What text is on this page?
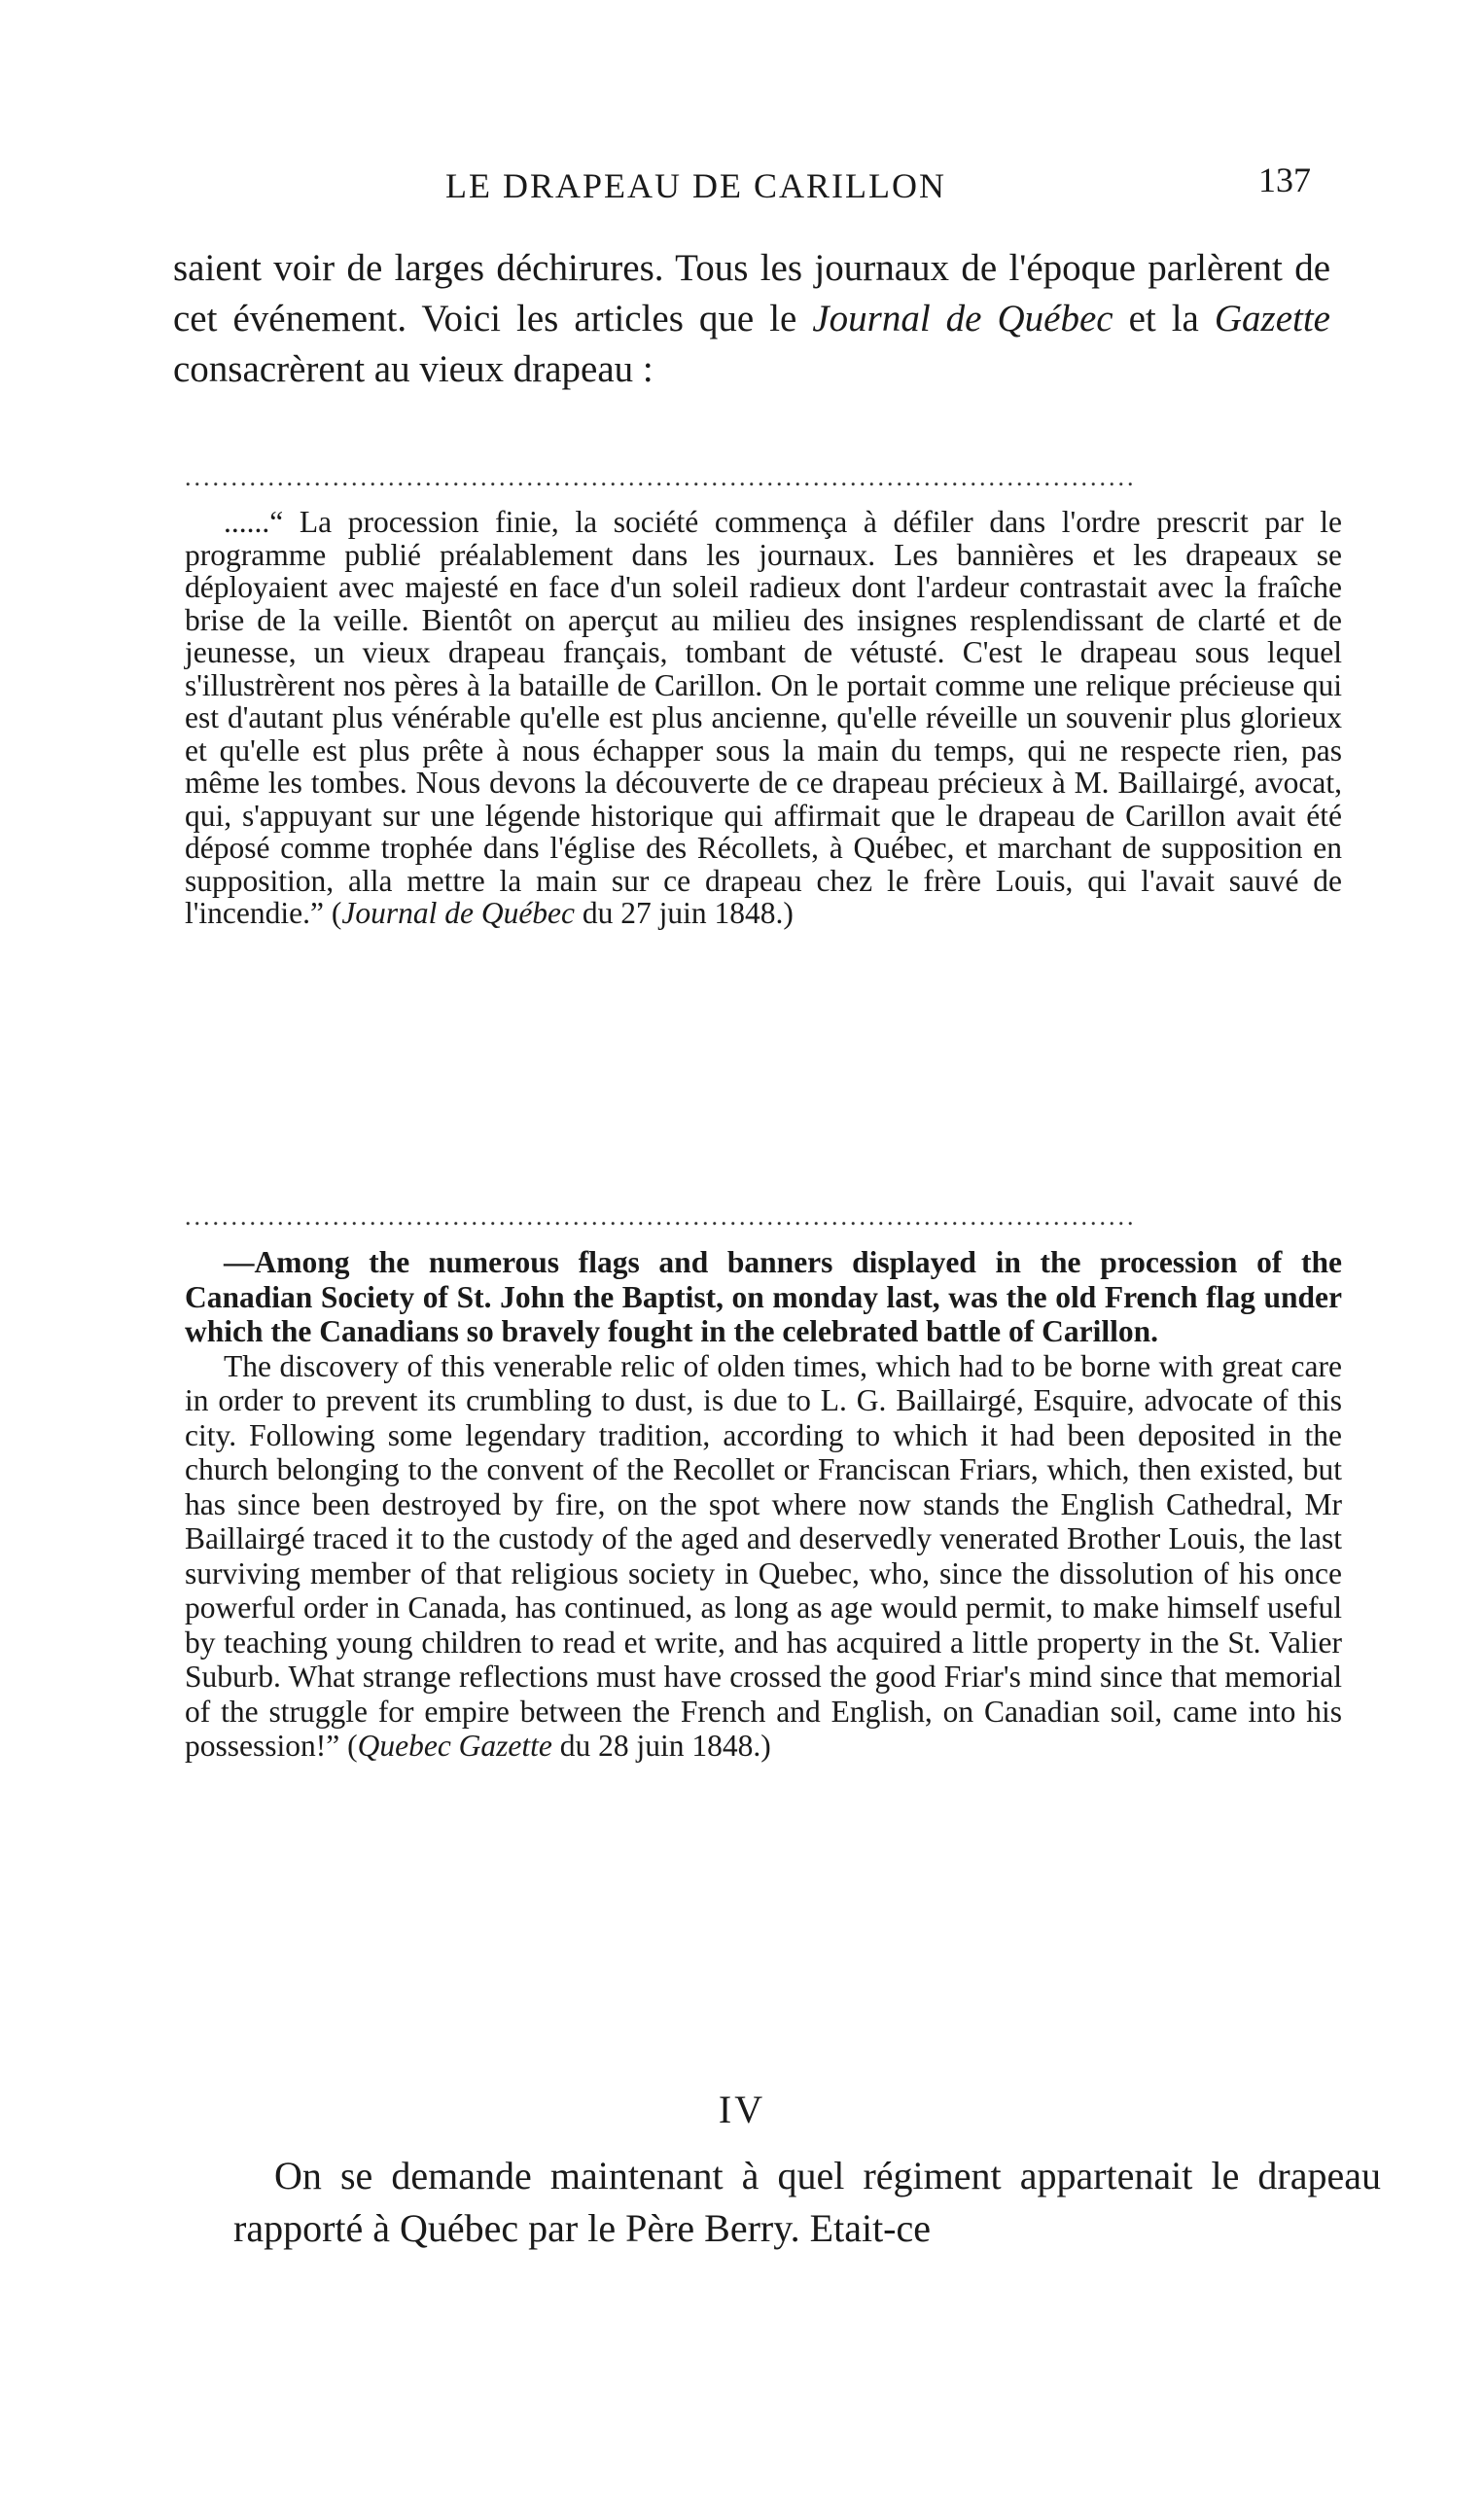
LE DRAPEAU DE CARILLON	137

saient voir de larges déchirures. Tous les journaux de l'époque parlèrent de cet événement. Voici les articles que le Journal de Québec et la Gazette consacrèrent au vieux drapeau :

.......................................................................................................

......“ La procession finie, la société commença à défiler dans l'ordre prescrit par le programme publié préalablement dans les journaux. Les bannières et les drapeaux se déployaient avec majesté en face d'un soleil radieux dont l'ardeur contrastait avec la fraîche brise de la veille. Bientôt on aperçut au milieu des insignes resplendissant de clarté et de jeunesse, un vieux drapeau français, tombant de vétusté. C'est le drapeau sous lequel s'illustrèrent nos pères à la bataille de Carillon. On le portait comme une relique précieuse qui est d'autant plus vénérable qu'elle est plus ancienne, qu'elle réveille un souvenir plus glorieux et qu'elle est plus prête à nous échapper sous la main du temps, qui ne respecte rien, pas même les tombes. Nous devons la découverte de ce drapeau précieux à M. Baillairgé, avocat, qui, s'appuyant sur une légende historique qui affirmait que le drapeau de Carillon avait été déposé comme trophée dans l'église des Récollets, à Québec, et marchant de supposition en supposition, alla mettre la main sur ce drapeau chez le frère Louis, qui l'avait sauvé de l'incendie.” (Journal de Québec du 27 juin 1848.)

.......................................................................................................

—Among the numerous flags and banners displayed in the procession of the Canadian Society of St. John the Baptist, on monday last, was the old French flag under which the Canadians so bravely fought in the celebrated battle of Carillon.

The discovery of this venerable relic of olden times, which had to be borne with great care in order to prevent its crumbling to dust, is due to L. G. Baillairgé, Esquire, advocate of this city. Following some legendary tradition, according to which it had been deposited in the church belonging to the convent of the Recollet or Franciscan Friars, which, then existed, but has since been destroyed by fire, on the spot where now stands the English Cathedral, Mr Baillairgé traced it to the custody of the aged and deservedly venerated Brother Louis, the last surviving member of that religious society in Quebec, who, since the dissolution of his once powerful order in Canada, has continued, as long as age would permit, to make himself useful by teaching young children to read et write, and has acquired a little property in the St. Valier Suburb. What strange reflections must have crossed the good Friar's mind since that memorial of the struggle for empire between the French and English, on Canadian soil, came into his possession!” (Quebec Gazette du 28 juin 1848.)

IV

On se demande maintenant à quel régiment appartenait le drapeau rapporté à Québec par le Père Berry. Etait-ce
